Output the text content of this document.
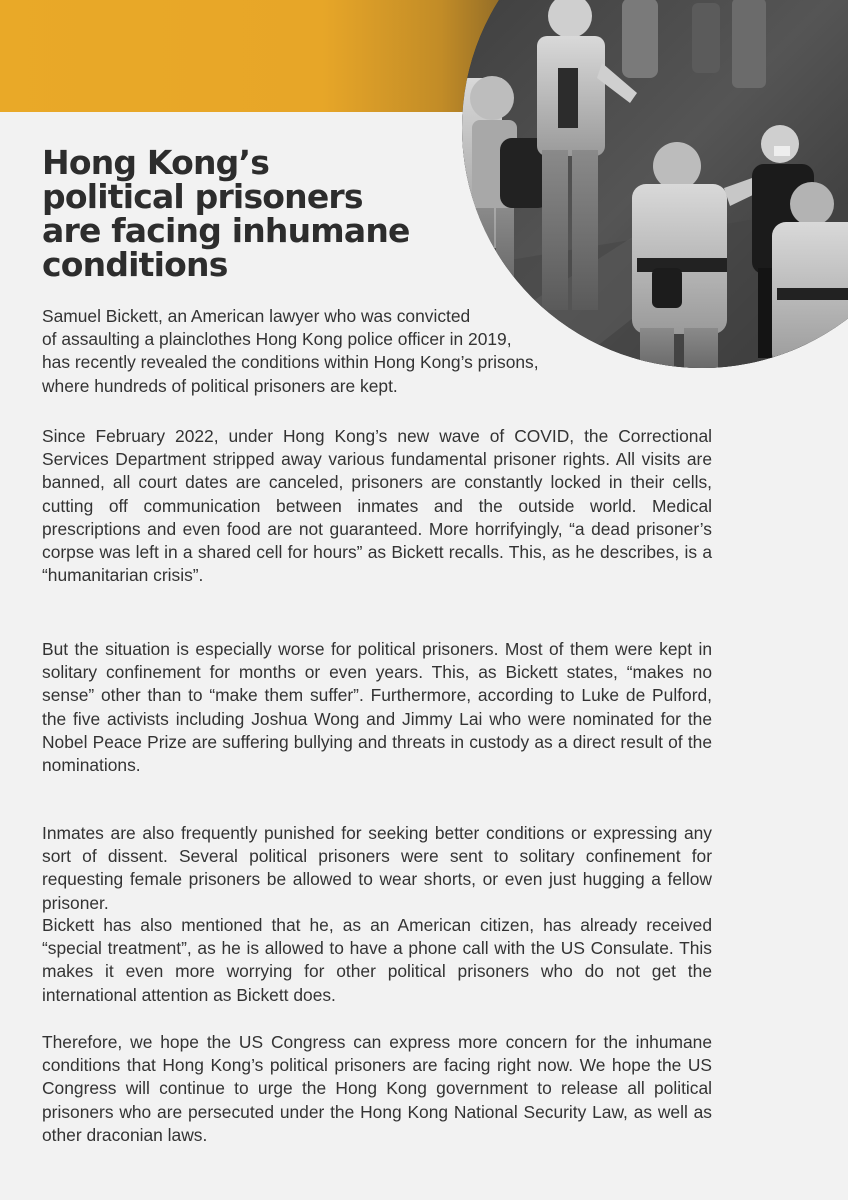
Hong Kong’s
political prisoners
are facing inhumane
conditions

Samuel Bickett, an American lawyer who was convicted
of assaulting a plainclothes Hong Kong police officer in 2019,
has recently revealed the conditions within Hong Kong’s prisons,
where hundreds of political prisoners are kept.

Since February 2022, under Hong Kong’s new wave of COVID, the Correctional Services Department stripped away various fundamental prisoner rights. All visits are banned, all court dates are canceled, prisoners are constantly locked in their cells, cutting off communication between inmates and the outside world. Medical prescriptions and even food are not guaranteed. More horrifyingly, “a dead prisoner’s corpse was left in a shared cell for hours” as Bickett recalls. This, as he describes, is a “humanitarian crisis”.

But the situation is especially worse for political prisoners. Most of them were kept in solitary confinement for months or even years. This, as Bickett states, “makes no sense” other than to “make them suffer”. Furthermore, according to Luke de Pulford, the five activists including Joshua Wong and Jimmy Lai who were nominated for the Nobel Peace Prize are suffering bullying and threats in custody as a direct result of the nominations.

Inmates are also frequently punished for seeking better conditions or expressing any sort of dissent. Several political prisoners were sent to solitary confinement for requesting female prisoners be allowed to wear shorts, or even just hugging a fellow prisoner.

Bickett has also mentioned that he, as an American citizen, has already received “special treatment”, as he is allowed to have a phone call with the US Consulate. This makes it even more worrying for other political prisoners who do not get the international attention as Bickett does.

Therefore, we hope the US Congress can express more concern for the inhumane conditions that Hong Kong’s political prisoners are facing right now. We hope the US Congress will continue to urge the Hong Kong government to release all political prisoners who are persecuted under the Hong Kong National Security Law, as well as other draconian laws.
